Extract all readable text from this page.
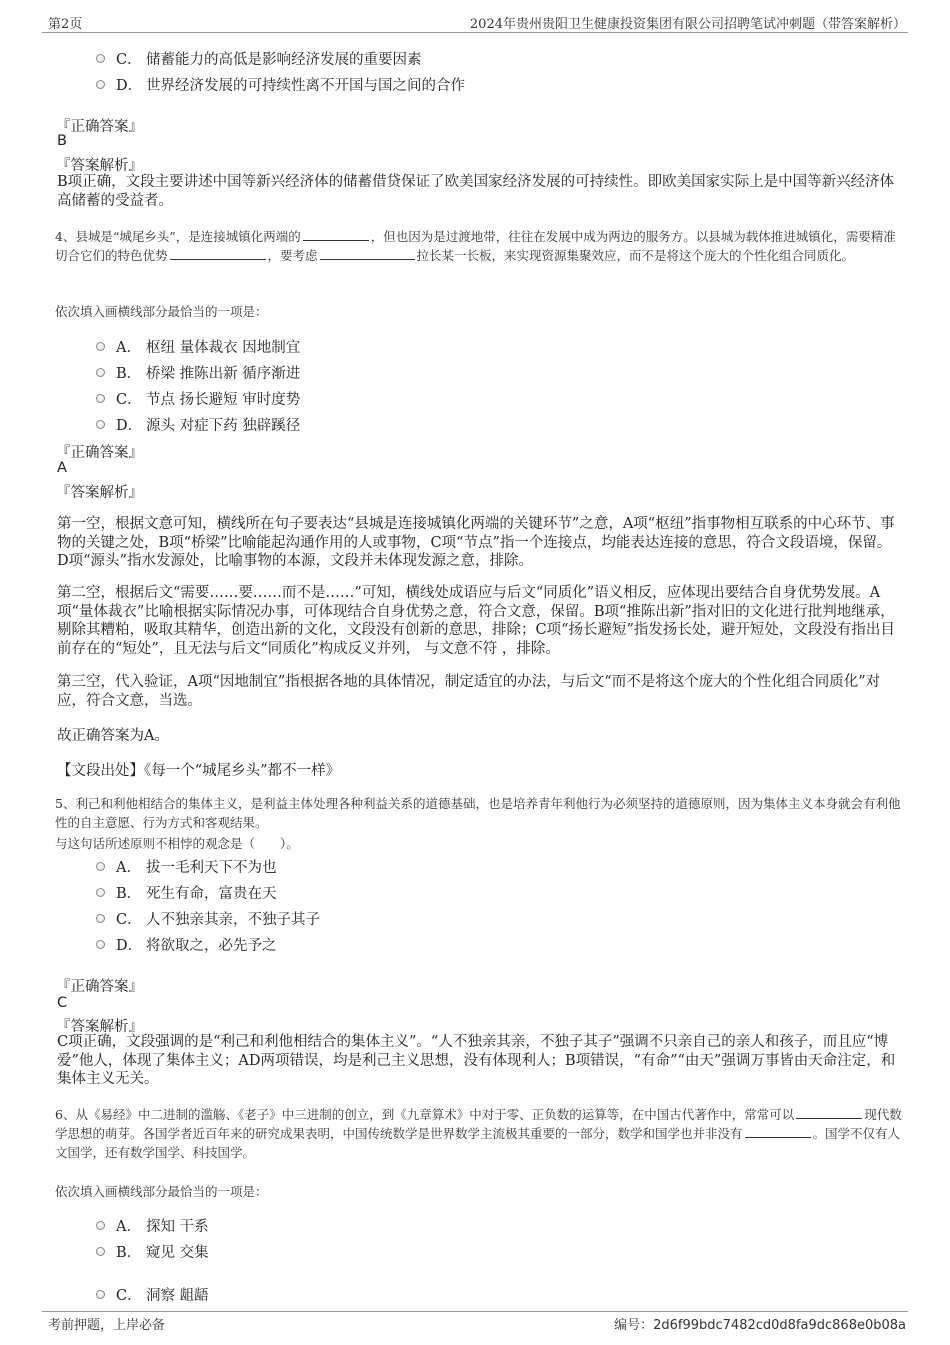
第2页	2024年贵州贵阳卫生健康投资集团有限公司招聘笔试冲刺题（带答案解析）
C． 储蓄能力的高低是影响经济发展的重要因素
D． 世界经济发展的可持续性离不开国与国之间的合作
『正确答案』
B
『答案解析』
B项正确，文段主要讲述中国等新兴经济体的储蓄借贷保证了欧美国家经济发展的可持续性。即欧美国家实际上是中国等新兴经济体高储蓄的受益者。
4、县城是“城尾乡头”，是连接城镇化两端的	，但也因为是过渡地带，往往在发展中成为两边的服务方。以县城为载体推进城镇化，需要精准切合它们的特色优势	，要考虑	拉长某一长板，来实现资源集聚效应，而不是将这个庞大的个性化组合同质化。
依次填入画横线部分最恰当的一项是：
A． 枢纽 量体裁衣 因地制宜
B． 桥梁 推陈出新 循序渐进
C． 节点 扬长避短 审时度势
D． 源头 对症下药 独辟蹊径
『正确答案』
A
『答案解析』
第一空，根据文意可知，横线所在句子要表达“县城是连接城镇化两端的关键环节”之意，A项“枢纽”指事物相互联系的中心环节、事物的关键之处，B项“桥梁”比喻能起沟通作用的人或事物，C项“节点”指一个连接点，均能表达连接的意思，符合文段语境，保留。D项“源头”指水发源处，比喻事物的本源，文段并未体现发源之意，排除。
第二空，根据后文“需要……要……而不是……”可知，横线处成语应与后文“同质化”语义相反，应体现出要结合自身优势发展。A项“量体裁衣”比喻根据实际情况办事，可体现结合自身优势之意，符合文意，保留。B项“推陈出新”指对旧的文化进行批判地继承，剔除其糟粕，吸取其精华，创造出新的文化，文段没有创新的意思，排除；C项“扬长避短”指发扬长处，避开短处，文段没有指出目前存在的“短处”，且无法与后文“同质化”构成反义并列， 与文意不符 ，排除。
第三空，代入验证，A项“因地制宜”指根据各地的具体情况，制定适宜的办法，与后文“而不是将这个庞大的个性化组合同质化”对应，符合文意，当选。
故正确答案为A。
【文段出处】《每一个“城尾乡头”都不一样》
5、利己和利他相结合的集体主义，是利益主体处理各种利益关系的道德基础，也是培养青年利他行为必须坚持的道德原则，因为集体主义本身就会有利他性的自主意愿、行为方式和客观结果。
与这句话所述原则不相悖的观念是（　　）。
A． 拔一毛利天下不为也
B． 死生有命，富贵在天
C． 人不独亲其亲，不独子其子
D． 将欲取之，必先予之
『正确答案』
C
『答案解析』
C项正确，文段强调的是“利己和利他相结合的集体主义”。“人不独亲其亲，不独子其子”强调不只亲自己的亲人和孩子，而且应“博爱”他人，体现了集体主义；AD两项错误，均是利己主义思想，没有体现利人；B项错误，“有命”“由天”强调万事皆由天命注定，和集体主义无关。
6、从《易经》中二进制的滥觞、《老子》中三进制的创立，到《九章算术》中对于零、正负数的运算等，在中国古代著作中，常常可以	现代数学思想的萌芽。各国学者近百年来的研究成果表明，中国传统数学是世界数学主流极其重要的一部分，数学和国学也并非没有	。国学不仅有人文国学，还有数学国学、科技国学。
依次填入画横线部分最恰当的一项是：
A． 探知 干系
B． 窥见 交集
C． 洞察 龃龉
考前押题，上岸必备	编号：2d6f99bdc7482cd0d8fa9dc868e0b08a
